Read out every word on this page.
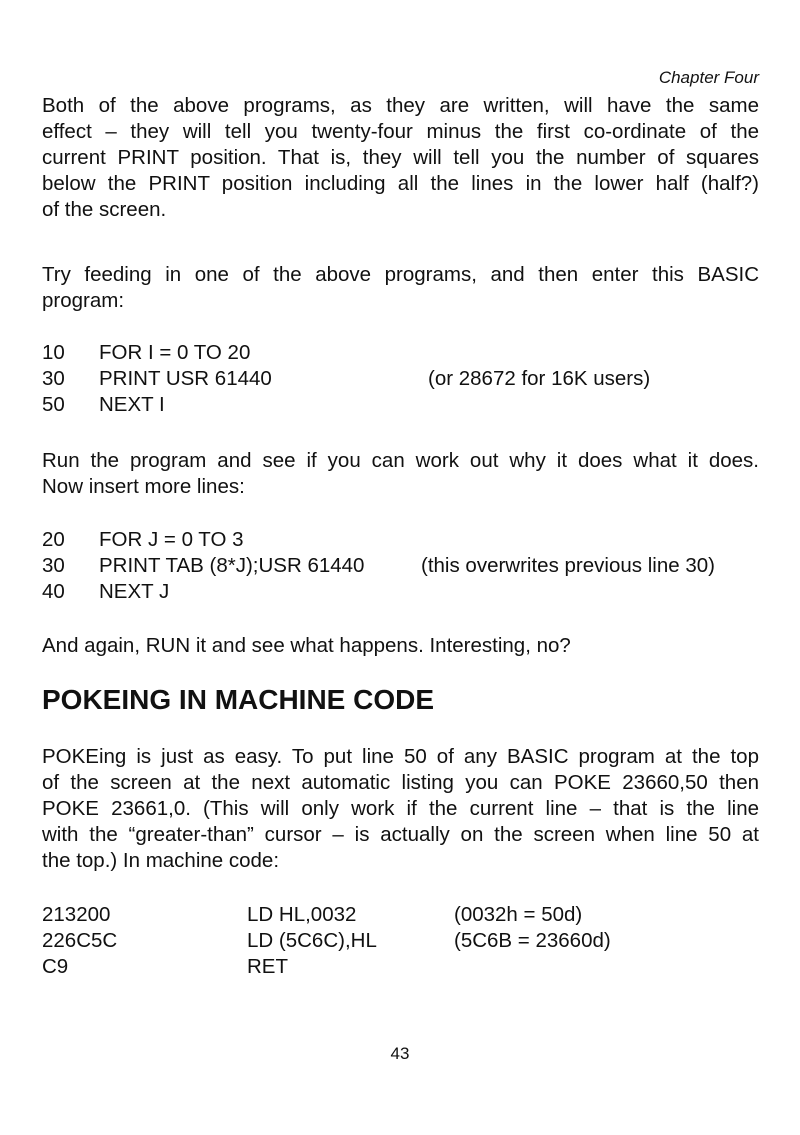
Chapter Four
Both of the above programs, as they are written, will have the same
effect – they will tell you twenty-four minus the first co-ordinate of the
current PRINT position. That is, they will tell you the number of squares
below the PRINT position including all the lines in the lower half (half?)
of the screen.
Try feeding in one of the above programs, and then enter this BASIC
program:
10 FOR I = 0 TO 20
30 PRINT USR 61440	(or 28672 for 16K users)
50 NEXT I
Run the program and see if you can work out why it does what it does.
Now insert more lines:
20 FOR J = 0 TO 3
30 PRINT TAB (8*J);USR 61440	(this overwrites previous line 30)
40 NEXT J
And again, RUN it and see what happens. Interesting, no?
POKEING IN MACHINE CODE
POKEing is just as easy. To put line 50 of any BASIC program at the top
of the screen at the next automatic listing you can POKE 23660,50 then
POKE 23661,0. (This will only work if the current line – that is the line
with the “greater-than” cursor – is actually on the screen when line 50 at
the top.) In machine code:
213200	LD HL,0032	(0032h = 50d)
226C5C	LD (5C6C),HL	(5C6B = 23660d)
C9	RET
43
